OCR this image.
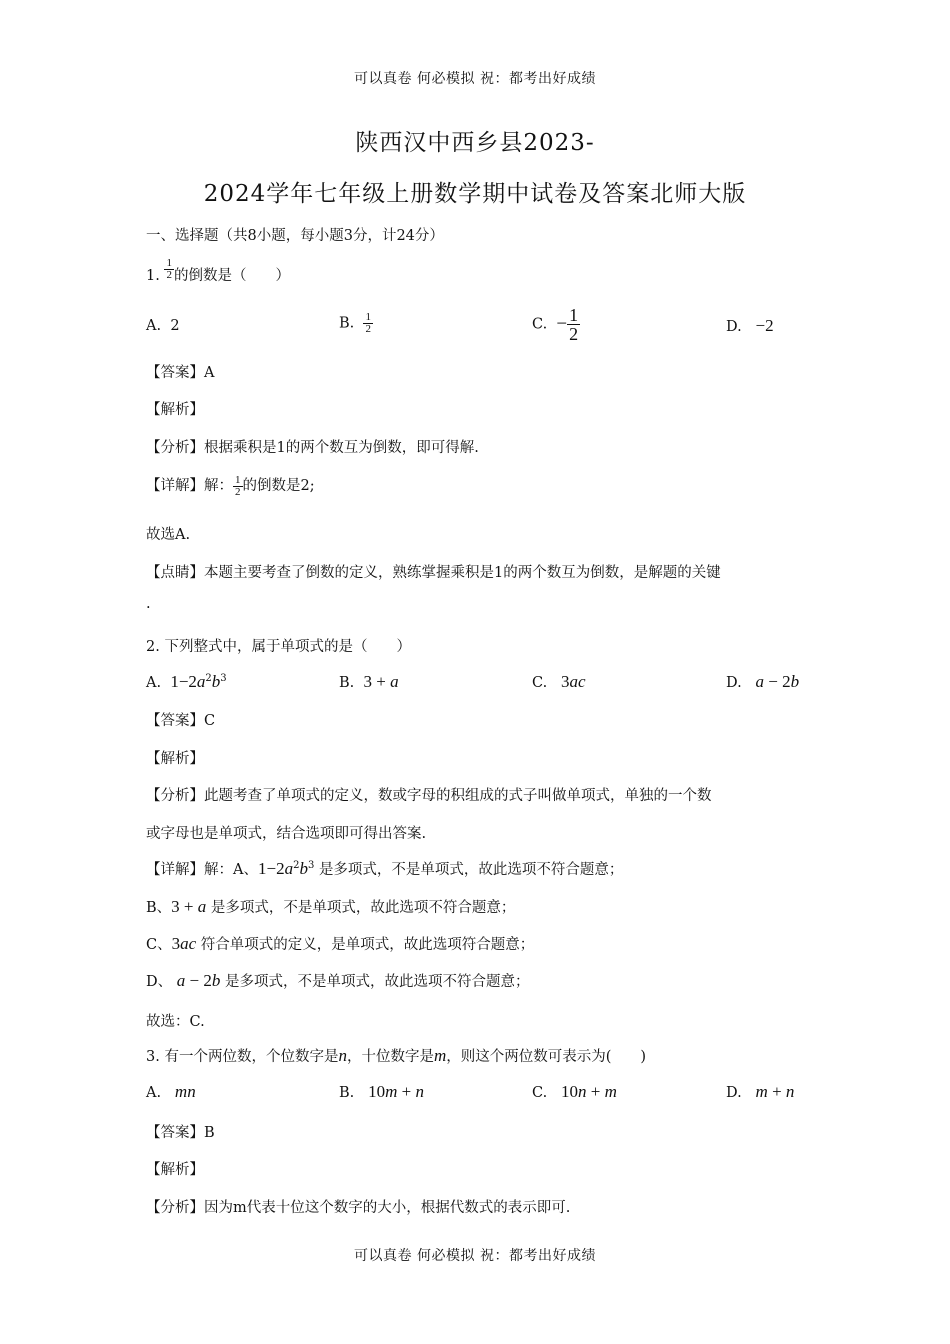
可以真卷 何必模拟 祝：都考出好成绩
陕西汉中西乡县2023-
2024学年七年级上册数学期中试卷及答案北师大版
一、选择题（共8小题，每小题3分，计24分）
1. $\frac{1}{2}$ 的倒数是（　　）
A. 2	B. $\frac{1}{2}$	C. − $\frac{1}{2}$	D. −2
【答案】A
【解析】
【分析】根据乘积是1的两个数互为倒数，即可得解.
【详解】解： $\frac{1}{2}$ 的倒数是2;
故选A.
【点睛】本题主要考查了倒数的定义，熟练掌握乘积是1的两个数互为倒数，是解题的关键
.
2. 下列整式中，属于单项式的是（　　）
A. $1-2a^2b^3$	B. 3 + a	C. 3ac	D. a − 2b
【答案】C
【解析】
【分析】此题考查了单项式的定义，数或字母的积组成的式子叫做单项式，单独的一个数
或字母也是单项式，结合选项即可得出答案.
【详解】解：A、$1-2a^2b^3$ 是多项式，不是单项式，故此选项不符合题意；
B、3 + a 是多项式，不是单项式，故此选项不符合题意；
C、3ac 符合单项式的定义，是单项式，故此选项符合题意；
D、 a − 2b 是多项式，不是单项式，故此选项不符合题意；
故选：C.
3. 有一个两位数，个位数字是n，十位数字是m，则这个两位数可表示为(　　)
A. mn	B. 10m + n	C. 10n + m	D. m + n
【答案】B
【解析】
【分析】因为m代表十位这个数字的大小，根据代数式的表示即可.
可以真卷 何必模拟 祝：都考出好成绩
